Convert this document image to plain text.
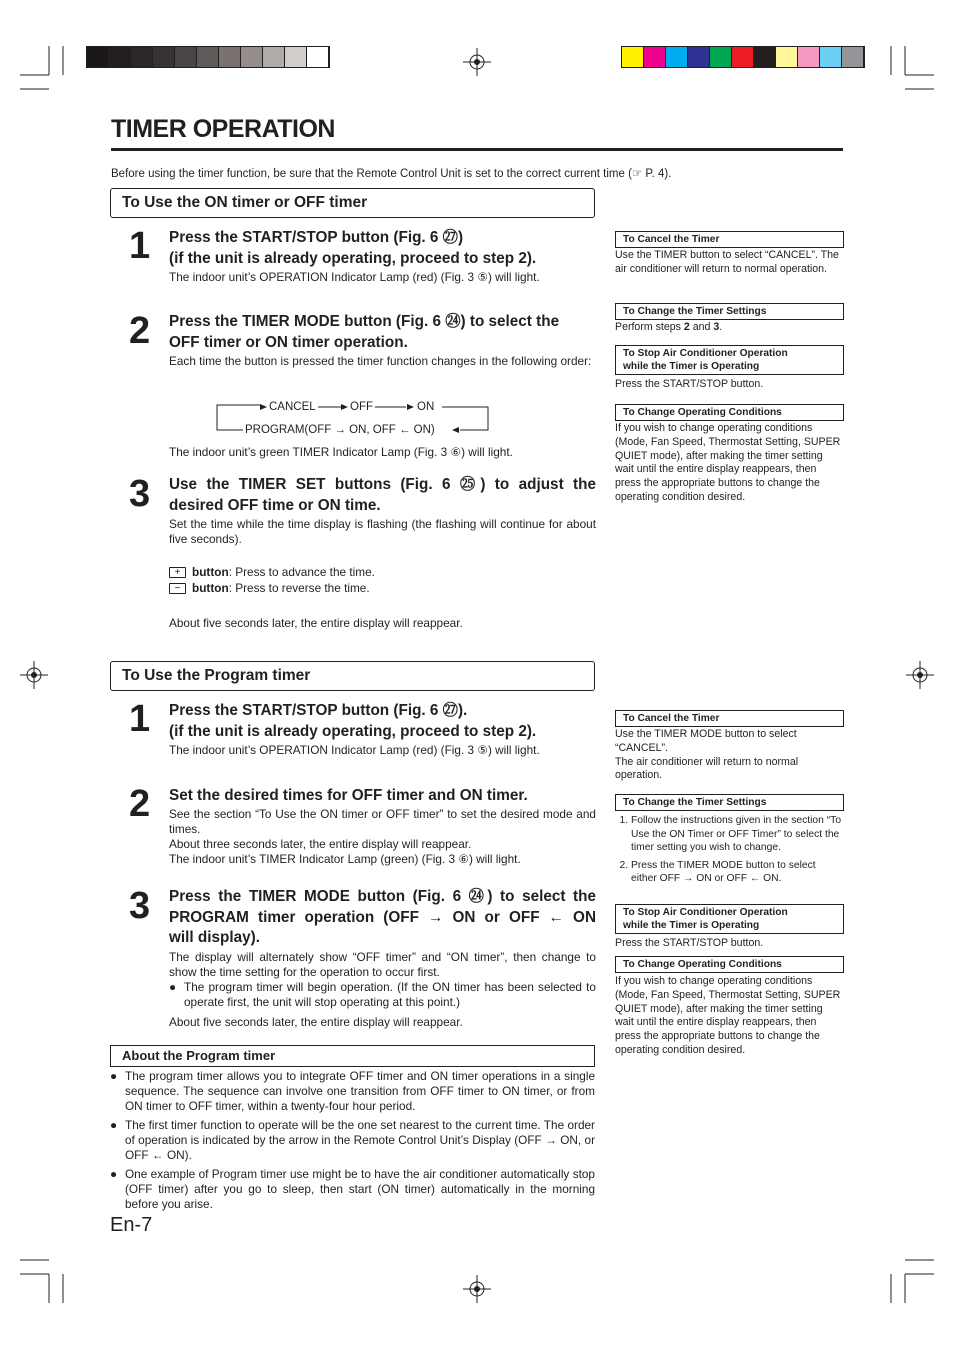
TIMER OPERATION
Before using the timer function, be sure that the Remote Control Unit is set to the correct current time (☞ P. 4).
To Use the ON timer or OFF timer
1 Press the START/STOP button (Fig. 6 ㉗)
(if the unit is already operating, proceed to step 2).
The indoor unit’s OPERATION Indicator Lamp (red) (Fig. 3 ⑤) will light.
2 Press the TIMER MODE button (Fig. 6 ㉔) to select the
OFF timer or ON timer operation.
Each time the button is pressed the timer function changes in the following order:
CANCEL	OFF	ON
PROGRAM(OFF → ON, OFF ← ON)
The indoor unit’s green TIMER Indicator Lamp (Fig. 3 ⑥) will light.
3 Use the TIMER SET buttons (Fig. 6 ㉕) to adjust the
desired OFF time or ON time.
Set the time while the time display is flashing (the flashing will continue for about five seconds).
+ button: Press to advance the time.
− button: Press to reverse the time.
About five seconds later, the entire display will reappear.
To Cancel the Timer
Use the TIMER button to select “CANCEL”. The air conditioner will return to normal operation.
To Change the Timer Settings
Perform steps 2 and 3.
To Stop Air Conditioner Operation
while the Timer is Operating
Press the START/STOP button.
To Change Operating Conditions
If you wish to change operating conditions (Mode, Fan Speed, Thermostat Setting, SUPER QUIET mode), after making the timer setting wait until the entire display reappears, then press the appropriate buttons to change the operating condition desired.
To Use the Program timer
1 Press the START/STOP button (Fig. 6 ㉗).
(if the unit is already operating, proceed to step 2).
The indoor unit’s OPERATION Indicator Lamp (red) (Fig. 3 ⑤) will light.
2 Set the desired times for OFF timer and ON timer.
See the section “To Use the ON timer or OFF timer” to set the desired mode and times.
About three seconds later, the entire display will reappear.
The indoor unit’s TIMER Indicator Lamp (green) (Fig. 3 ⑥) will light.
3 Press the TIMER MODE button (Fig. 6 ㉔) to select the
PROGRAM timer operation (OFF → ON or OFF ← ON
will display).
The display will alternately show “OFF timer” and “ON timer”, then change to show the time setting for the operation to occur first.
● The program timer will begin operation. (If the ON timer has been selected to operate first, the unit will stop operating at this point.)
About five seconds later, the entire display will reappear.
About the Program timer
● The program timer allows you to integrate OFF timer and ON timer operations in a single sequence. The sequence can involve one transition from OFF timer to ON timer, or from ON timer to OFF timer, within a twenty-four hour period.
● The first timer function to operate will be the one set nearest to the current time. The order of operation is indicated by the arrow in the Remote Control Unit’s Display (OFF → ON, or OFF ← ON).
● One example of Program timer use might be to have the air conditioner automatically stop (OFF timer) after you go to sleep, then start (ON timer) automatically in the morning before you arise.
To Cancel the Timer
Use the TIMER MODE button to select “CANCEL”.
The air conditioner will return to normal operation.
To Change the Timer Settings
1. Follow the instructions given in the section “To Use the ON Timer or OFF Timer” to select the timer setting you wish to change.
2. Press the TIMER MODE button to select either OFF → ON or OFF ← ON.
To Stop Air Conditioner Operation
while the Timer is Operating
Press the START/STOP button.
To Change Operating Conditions
If you wish to change operating conditions (Mode, Fan Speed, Thermostat Setting, SUPER QUIET mode), after making the timer setting wait until the entire display reappears, then press the appropriate buttons to change the operating condition desired.
En-7
